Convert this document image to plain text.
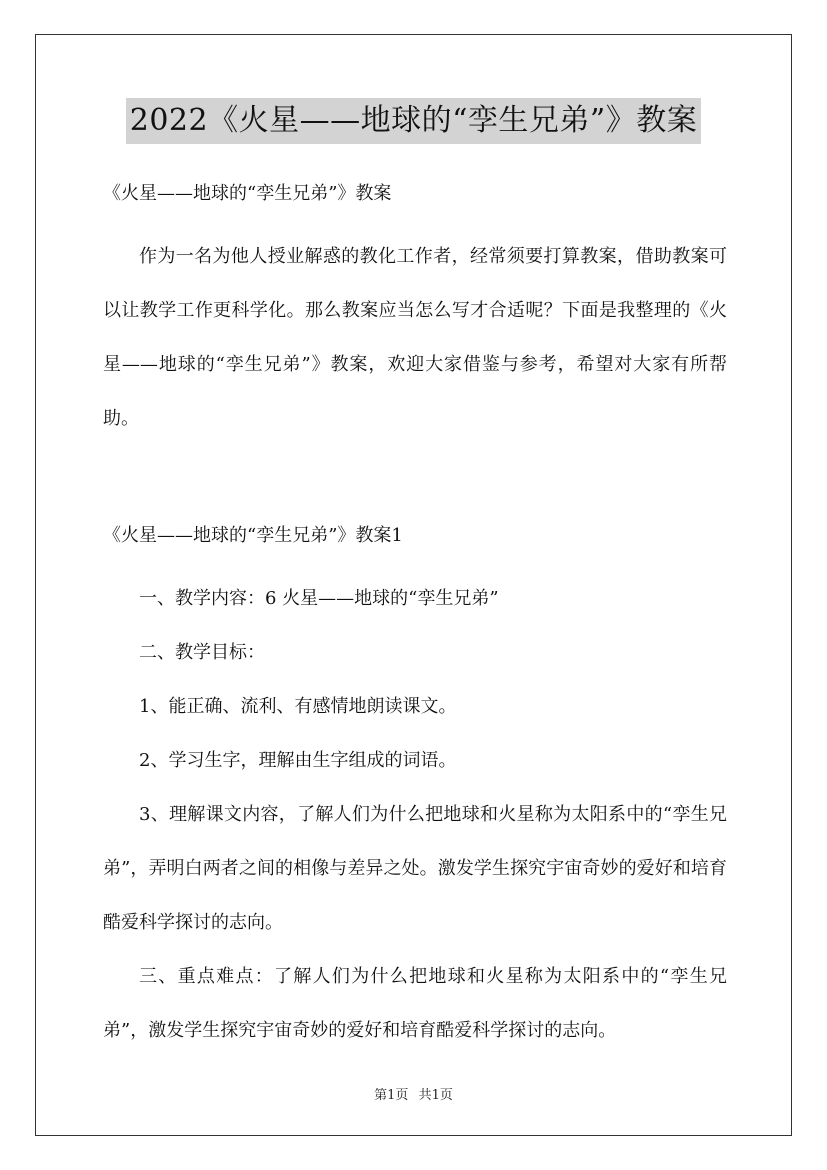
2022《火星——地球的“孪生兄弟”》教案

《火星——地球的“孪生兄弟”》教案

作为一名为他人授业解惑的教化工作者，经常须要打算教案，借助教案可以让教学工作更科学化。那么教案应当怎么写才合适呢？下面是我整理的《火星——地球的“孪生兄弟”》教案，欢迎大家借鉴与参考，希望对大家有所帮助。

《火星——地球的“孪生兄弟”》教案1

一、教学内容：6 火星——地球的“孪生兄弟”

二、教学目标：

1、能正确、流利、有感情地朗读课文。

2、学习生字，理解由生字组成的词语。

3、理解课文内容，了解人们为什么把地球和火星称为太阳系中的“孪生兄弟”，弄明白两者之间的相像与差异之处。激发学生探究宇宙奇妙的爱好和培育酷爱科学探讨的志向。

三、重点难点：了解人们为什么把地球和火星称为太阳系中的“孪生兄弟”，激发学生探究宇宙奇妙的爱好和培育酷爱科学探讨的志向。

第1页 共1页
